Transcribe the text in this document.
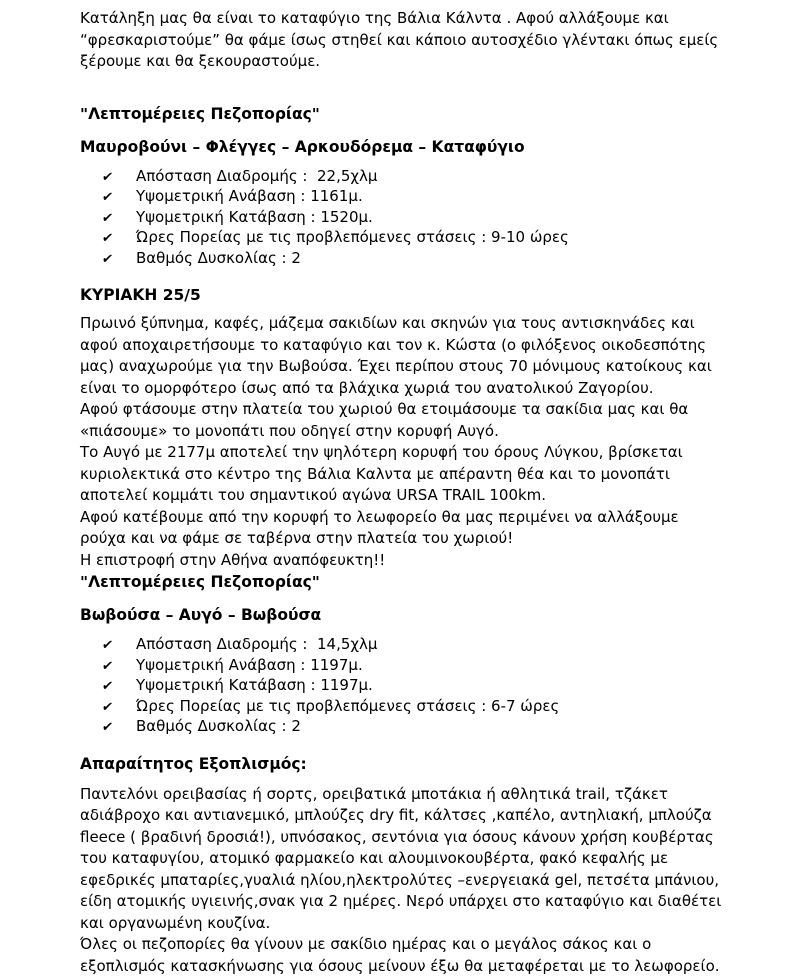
Κατάληξη μας θα είναι το καταφύγιο της Βάλια Κάλντα . Αφού αλλάξουμε και “φρεσκαριστούμε” θα φάμε ίσως στηθεί και κάποιο αυτοσχέδιο γλέντακι όπως εμείς ξέρουμε και θα ξεκουραστούμε.

"Λεπτομέρειες Πεζοπορίας"
Μαυροβούνι – Φλέγγες – Αρκουδόρεμα – Καταφύγιο
✔	Απόσταση Διαδρομής :  22,5χλμ
✔	Υψομετρική Ανάβαση : 1161μ.
✔	Υψομετρική Κατάβαση : 1520μ.
✔	Ώρες Πορείας με τις προβλεπόμενες στάσεις : 9-10 ώρες
✔	Βαθμός Δυσκολίας : 2
ΚΥΡΙΑΚΗ 25/5

Πρωινό ξύπνημα, καφές, μάζεμα σακιδίων και σκηνών για τους αντισκηνάδες και αφού αποχαιρετήσουμε το καταφύγιο και τον κ. Κώστα (ο φιλόξενος οικοδεσπότης μας) αναχωρούμε για την Βωβούσα. Έχει περίπου στους 70 μόνιμους κατοίκους και είναι το ομορφότερο ίσως από τα βλάχικα χωριά του ανατολικού Ζαγορίου.

Αφού φτάσουμε στην πλατεία του χωριού θα ετοιμάσουμε τα σακίδια μας και θα «πιάσουμε» το μονοπάτι που οδηγεί στην κορυφή Αυγό.

Το Αυγό με 2177μ αποτελεί την ψηλότερη κορυφή του όρους Λύγκου, βρίσκεται κυριολεκτικά στο κέντρο της Βάλια Καλντα με απέραντη θέα και το μονοπάτι αποτελεί κομμάτι του σημαντικού αγώνα URSA TRAIL 100km.

Αφού κατέβουμε από την κορυφή το λεωφορείο θα μας περιμένει να αλλάξουμε ρούχα και να φάμε σε ταβέρνα στην πλατεία του χωριού!

Η επιστροφή στην Αθήνα αναπόφευκτη!!

"Λεπτομέρειες Πεζοπορίας"
Βωβούσα – Αυγό – Βωβούσα
✔	Απόσταση Διαδρομής :  14,5χλμ
✔	Υψομετρική Ανάβαση : 1197μ.
✔	Υψομετρική Κατάβαση : 1197μ.
✔	Ώρες Πορείας με τις προβλεπόμενες στάσεις : 6-7 ώρες
✔	Βαθμός Δυσκολίας : 2
Απαραίτητος Εξοπλισμός:

Παντελόνι ορειβασίας ή σορτς, ορειβατικά μποτάκια ή αθλητικά trail, τζάκετ αδιάβροχο και αντιανεμικό, μπλούζες dry fit, κάλτσες ,καπέλο, αντηλιακή, μπλούζα fleece ( βραδινή δροσιά!), υπνόσακος, σεντόνια για όσους κάνουν χρήση κουβέρτας του καταφυγίου, ατομικό φαρμακείο και αλουμινοκουβέρτα, φακό κεφαλής με εφεδρικές μπαταρίες,γυαλιά ηλίου,ηλεκτρολύτες –ενεργειακά gel, πετσέτα μπάνιου, είδη ατομικής υγιεινής,σνακ για 2 ημέρες. Νερό υπάρχει στο καταφύγιο και διαθέτει και οργανωμένη κουζίνα.

Όλες οι πεζοπορίες θα γίνουν με σακίδιο ημέρας και ο μεγάλος σάκος και ο εξοπλισμός κατασκήνωσης για όσους μείνουν έξω θα μεταφέρεται με το λεωφορείο.
